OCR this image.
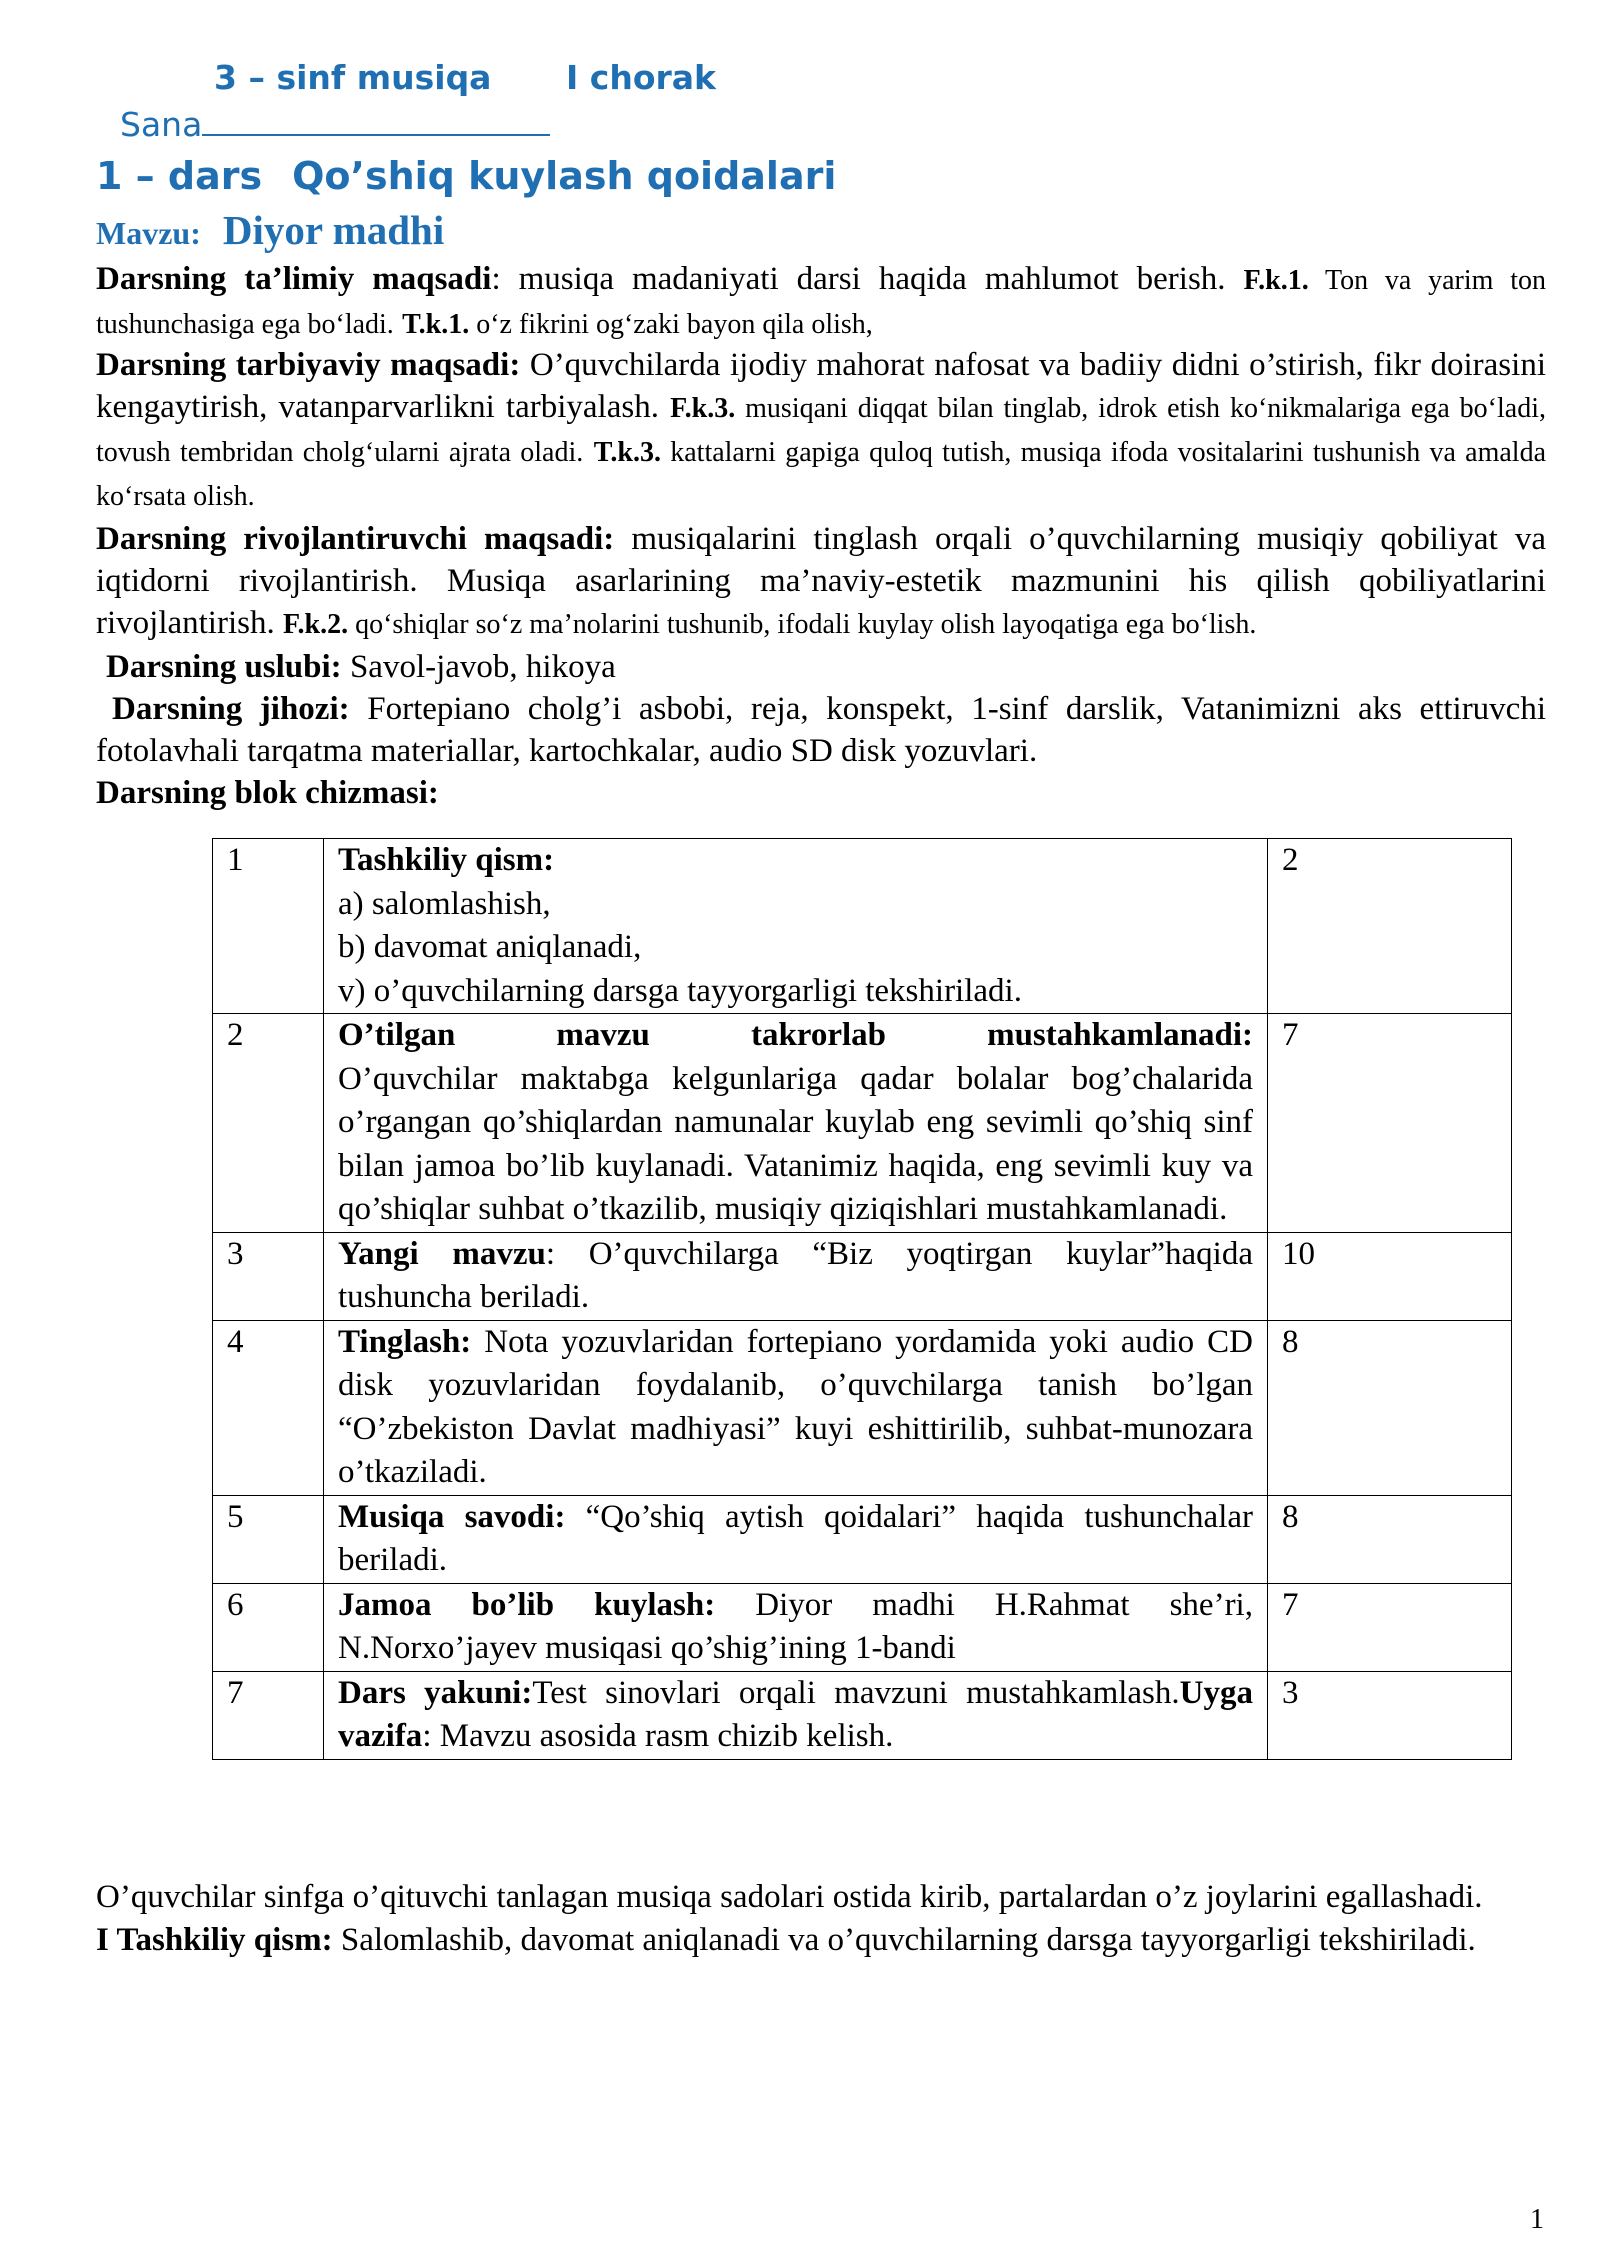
3 – sinf musiqa I chorak
Sana
1 – dars Qo’shiq kuylash qoidalari
Mavzu: Diyor madhi

Darsning ta’limiy maqsadi: musiqa madaniyati darsi haqida mahlumot berish. F.k.1. Ton va yarim ton tushunchasiga ega bo‘ladi. T.k.1. o‘z fikrini og‘zaki bayon qila olish,

Darsning tarbiyaviy maqsadi: O’quvchilarda ijodiy mahorat nafosat va badiiy didni o’stirish, fikr doirasini kengaytirish, vatanparvarlikni tarbiyalash. F.k.3. musiqani diqqat bilan tinglab, idrok etish ko‘nikmalariga ega bo‘ladi, tovush tembridan cholg‘ularni ajrata oladi. T.k.3. kattalarni gapiga quloq tutish, musiqa ifoda vositalarini tushunish va amalda ko‘rsata olish.

Darsning rivojlantiruvchi maqsadi: musiqalarini tinglash orqali o’quvchilarning musiqiy qobiliyat va iqtidorni rivojlantirish. Musiqa asarlarining ma’naviy-estetik mazmunini his qilish qobiliyatlarini rivojlantirish. F.k.2. qo‘shiqlar so‘z ma’nolarini tushunib, ifodali kuylay olish layoqatiga ega bo‘lish.

Darsning uslubi: Savol-javob, hikoya

Darsning jihozi: Fortepiano cholg’i asbobi, reja, konspekt, 1-sinf darslik, Vatanimizni aks ettiruvchi fotolavhali tarqatma materiallar, kartochkalar, audio SD disk yozuvlari.

Darsning blok chizmasi:

1	Tashkiliy qism:
a) salomlashish,
b) davomat aniqlanadi,
v) o’quvchilarning darsga tayyorgarligi tekshiriladi.	2
2	O’tilgan mavzu takrorlab mustahkamlanadi: O’quvchilar maktabga kelgunlariga qadar bolalar bog’chalarida o’rgangan qo’shiqlardan namunalar kuylab eng sevimli qo’shiq sinf bilan jamoa bo’lib kuylanadi. Vatanimiz haqida, eng sevimli kuy va qo’shiqlar suhbat o’tkazilib, musiqiy qiziqishlari mustahkamlanadi.	7
3	Yangi mavzu: O’quvchilarga “Biz yoqtirgan kuylar”haqida tushuncha beriladi.	10
4	Tinglash: Nota yozuvlaridan fortepiano yordamida yoki audio CD disk yozuvlaridan foydalanib, o’quvchilarga tanish bo’lgan “O’zbekiston Davlat madhiyasi” kuyi eshittirilib, suhbat-munozara o’tkaziladi.	8
5	Musiqa savodi: “Qo’shiq aytish qoidalari” haqida tushunchalar beriladi.	8
6	Jamoa bo’lib kuylash: Diyor madhi H.Rahmat she’ri, N.Norxo’jayev musiqasi qo’shig’ining 1-bandi	7
7	Dars yakuni:Test sinovlari orqali mavzuni mustahkamlash.Uyga vazifa: Mavzu asosida rasm chizib kelish.	3

O’quvchilar sinfga o’qituvchi tanlagan musiqa sadolari ostida kirib, partalardan o’z joylarini egallashadi.

I Tashkiliy qism: Salomlashib, davomat aniqlanadi va o’quvchilarning darsga tayyorgarligi tekshiriladi.

1
